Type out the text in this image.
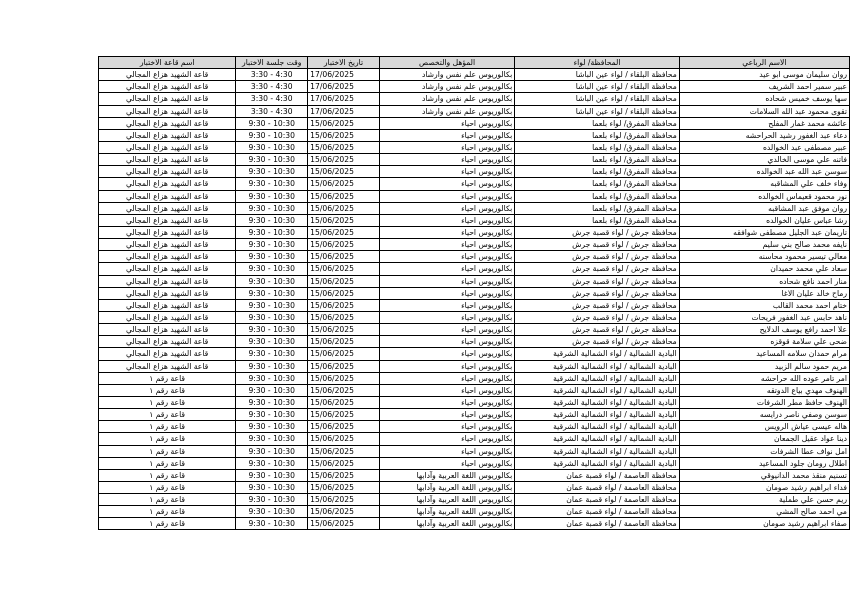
الاسم الرباعي	المحافظة/ لواء	المؤهل والتخصص	تاريخ الاختبار	وقت جلسة الاختبار	اسم قاعة الاختبار
روان سليمان موسى ابو عيد	محافظة البلقاء / لواء عين الباشا	بكالوريوس علم نفس وارشاد	17/06/2025	3:30 - 4:30	قاعة الشهيد هزاع المجالي
عبير سمير احمد الشريف	محافظة البلقاء / لواء عين الباشا	بكالوريوس علم نفس وارشاد	17/06/2025	3:30 - 4:30	قاعة الشهيد هزاع المجالي
سها يوسف خميس شحاده	محافظة البلقاء / لواء عين الباشا	بكالوريوس علم نفس وارشاد	17/06/2025	3:30 - 4:30	قاعة الشهيد هزاع المجالي
تقوى محمود عبد الله السلامات	محافظة البلقاء / لواء عين الباشا	بكالوريوس علم نفس وارشاد	17/06/2025	3:30 - 4:30	قاعة الشهيد هزاع المجالي
عائشه محمد غمار المفلح	محافظة المفرق/ لواء بلعما	بكالوريوس احياء	15/06/2025	9:30 - 10:30	قاعة الشهيد هزاع المجالي
دعاء عبد الغفور رشيد الحراحشه	محافظة المفرق/ لواء بلعما	بكالوريوس احياء	15/06/2025	9:30 - 10:30	قاعة الشهيد هزاع المجالي
عبير مصطفى عبد الخوالده	محافظة المفرق/ لواء بلعما	بكالوريوس احياء	15/06/2025	9:30 - 10:30	قاعة الشهيد هزاع المجالي
فاتنه علي موسى الخالدي	محافظة المفرق/ لواء بلعما	بكالوريوس احياء	15/06/2025	9:30 - 10:30	قاعة الشهيد هزاع المجالي
سوسن عبد الله عبد الخوالده	محافظة المفرق/ لواء بلعما	بكالوريوس احياء	15/06/2025	9:30 - 10:30	قاعة الشهيد هزاع المجالي
وفاء خلف علي المشاقبه	محافظة المفرق/ لواء بلعما	بكالوريوس احياء	15/06/2025	9:30 - 10:30	قاعة الشهيد هزاع المجالي
نور محمود قعيماس الخوالده	محافظة المفرق/ لواء بلعما	بكالوريوس احياء	15/06/2025	9:30 - 10:30	قاعة الشهيد هزاع المجالي
روان موفق عبد المشاقبه	محافظة المفرق/ لواء بلعما	بكالوريوس احياء	15/06/2025	9:30 - 10:30	قاعة الشهيد هزاع المجالي
رشا عباس عليان الخوالده	محافظة المفرق/ لواء بلعما	بكالوريوس احياء	15/06/2025	9:30 - 10:30	قاعة الشهيد هزاع المجالي
تاريمان عبد الجليل مصطفى شوافقه	محافظة جرش / لواء قصبة جرش	بكالوريوس احياء	15/06/2025	9:30 - 10:30	قاعة الشهيد هزاع المجالي
نايفه محمد صالح بني سليم	محافظة جرش / لواء قصبة جرش	بكالوريوس احياء	15/06/2025	9:30 - 10:30	قاعة الشهيد هزاع المجالي
معالي تيسير محمود محاسنه	محافظة جرش / لواء قصبة جرش	بكالوريوس احياء	15/06/2025	9:30 - 10:30	قاعة الشهيد هزاع المجالي
سعاد علي محمد حميدان	محافظة جرش / لواء قصبة جرش	بكالوريوس احياء	15/06/2025	9:30 - 10:30	قاعة الشهيد هزاع المجالي
منار احمد نافع شحاده	محافظة جرش / لواء قصبة جرش	بكالوريوس احياء	15/06/2025	9:30 - 10:30	قاعة الشهيد هزاع المجالي
رماح خالد عليان الاغا	محافظة جرش / لواء قصبة جرش	بكالوريوس احياء	15/06/2025	9:30 - 10:30	قاعة الشهيد هزاع المجالي
ختام احمد محمد القالب	محافظة جرش / لواء قصبة جرش	بكالوريوس احياء	15/06/2025	9:30 - 10:30	قاعة الشهيد هزاع المجالي
ناهد حابس عبد الغفور فريحات	محافظة جرش / لواء قصبة جرش	بكالوريوس احياء	15/06/2025	9:30 - 10:30	قاعة الشهيد هزاع المجالي
علا احمد رافع يوسف الدلايح	محافظة جرش / لواء قصبة جرش	بكالوريوس احياء	15/06/2025	9:30 - 10:30	قاعة الشهيد هزاع المجالي
ضحى علي سلامة قوقزه	محافظة جرش / لواء قصبة جرش	بكالوريوس احياء	15/06/2025	9:30 - 10:30	قاعة الشهيد هزاع المجالي
مرام حمدان سلامه المساعيد	البادية الشمالية / لواء الشمالية الشرقية	بكالوريوس احياء	15/06/2025	9:30 - 10:30	قاعة الشهيد هزاع المجالي
مريم حمود سالم الزبيد	البادية الشمالية / لواء الشمالية الشرقية	بكالوريوس احياء	15/06/2025	9:30 - 10:30	قاعة الشهيد هزاع المجالي
امر تامر عوده الله حراحشه	البادية الشمالية / لواء الشمالية الشرقية	بكالوريوس احياء	15/06/2025	9:30 - 10:30	قاعة رقم ١
الهنوف مهدي بياع الدوتقه	البادية الشمالية / لواء الشمالية الشرقية	بكالوريوس احياء	15/06/2025	9:30 - 10:30	قاعة رقم ١
الهنوف حافظ مطر الشرفات	البادية الشمالية / لواء الشمالية الشرقية	بكالوريوس احياء	15/06/2025	9:30 - 10:30	قاعة رقم ١
سوسن وصفي ناصر درايسه	البادية الشمالية / لواء الشمالية الشرقية	بكالوريوس احياء	15/06/2025	9:30 - 10:30	قاعة رقم ١
هاله عيسى عياش الرويس	البادية الشمالية / لواء الشمالية الشرقية	بكالوريوس احياء	15/06/2025	9:30 - 10:30	قاعة رقم ١
دينا عواد عقيل الجمعان	البادية الشمالية / لواء الشمالية الشرقية	بكالوريوس احياء	15/06/2025	9:30 - 10:30	قاعة رقم ١
امل نواف عطا الشرفات	البادية الشمالية / لواء الشمالية الشرقية	بكالوريوس احياء	15/06/2025	9:30 - 10:30	قاعة رقم ١
اطلال رومان جلود المساعيد	البادية الشمالية / لواء الشمالية الشرقية	بكالوريوس احياء	15/06/2025	9:30 - 10:30	قاعة رقم ١
تسنيم منقذ محمد الدانيوقي	محافظة العاصمة / لواء قصبة عمان	بكالوريوس اللغة العربية وآدابها	15/06/2025	9:30 - 10:30	قاعة رقم ١
فداء ابراهيم رشيد صومان	محافظة العاصمة / لواء قصبة عمان	بكالوريوس اللغة العربية وآدابها	15/06/2025	9:30 - 10:30	قاعة رقم ١
ريم حسن علي طملية	محافظة العاصمة / لواء قصبة عمان	بكالوريوس اللغة العربية وآدابها	15/06/2025	9:30 - 10:30	قاعة رقم ١
مي احمد صالح المشي	محافظة العاصمة / لواء قصبة عمان	بكالوريوس اللغة العربية وآدابها	15/06/2025	9:30 - 10:30	قاعة رقم ١
صفاء ابراهيم رشيد صومان	محافظة العاصمة / لواء قصبة عمان	بكالوريوس اللغة العربية وآدابها	15/06/2025	9:30 - 10:30	قاعة رقم ١
